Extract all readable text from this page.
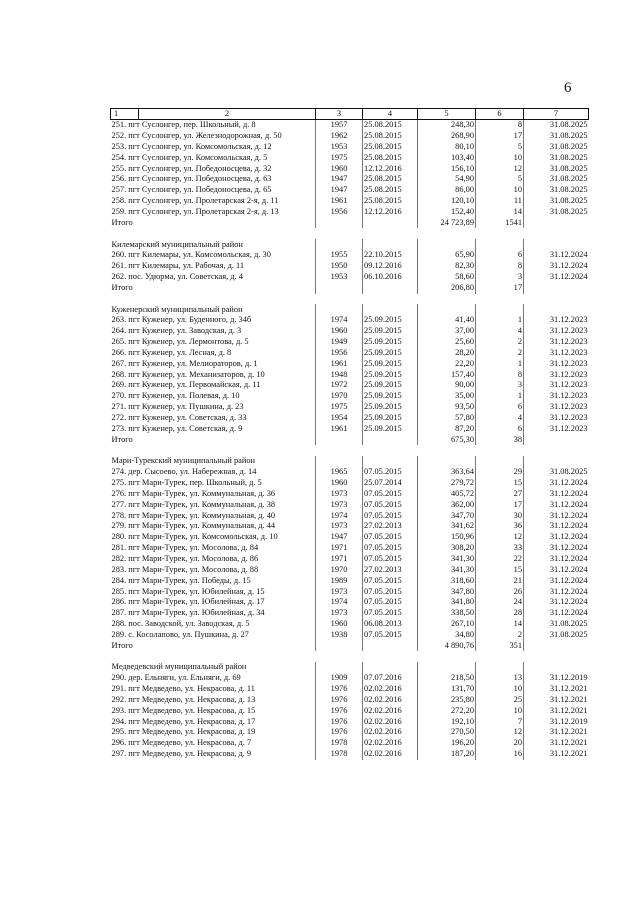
6
1	2	3	4	5	6	7
251. пгт Суслонгер, пер. Школьный, д. 8		1957	25.08.2015	248,30	8	31.08.2025
252. пгт Суслонгер, ул. Железнодорожная, д. 50		1962	25.08.2015	268,90	17	31.08.2025
253. пгт Суслонгер, ул. Комсомольская, д. 12		1953	25.08.2015	80,10	5	31.08.2025
254. пгт Суслонгер, ул. Комсомольская, д. 5		1975	25.08.2015	103,40	10	31.08.2025
255. пгт Суслонгер, ул. Победоносцева, д. 32		1960	12.12.2016	156,10	12	31.08.2025
256. пгт Суслонгер, ул. Победоносцева, д. 63		1947	25.08.2015	54,90	5	31.08.2025
257. пгт Суслонгер, ул. Победоносцева, д. 65		1947	25.08.2015	86,00	10	31.08.2025
258. пгт Суслонгер, ул. Пролетарская 2-я, д. 11		1961	25.08.2015	120,10	11	31.08.2025
259. пгт Суслонгер, ул. Пролетарская 2-я, д. 13		1956	12.12.2016	152,40	14	31.08.2025
Итого				24 723,89	1541	

Килемарский муниципальный район						
260. пгт Килемары, ул. Комсомольская, д. 30		1955	22.10.2015	65,90	6	31.12.2024
261. пгт Килемары, ул. Рабочая, д. 11		1950	09.12.2016	82,30	8	31.12.2024
262. пос. Удюрма, ул. Советская, д. 4		1953	06.10.2016	58,60	3	31.12.2024
Итого				206,80	17	

Куженерский муниципальный район						
263. пгт Куженер, ул. Буденного, д. 34б		1974	25.09.2015	41,40	1	31.12.2023
264. пгт Куженер, ул. Заводская, д. 3		1960	25.09.2015	37,00	4	31.12.2023
265. пгт Куженер, ул. Лермонтова, д. 5		1949	25.09.2015	25,60	2	31.12.2023
266. пгт Куженер, ул. Лесная, д. 8		1956	25.09.2015	28,20	2	31.12.2023
267. пгт Куженер, ул. Мелиораторов, д. 1		1961	25.09.2015	22,20	1	31.12.2023
268. пгт Куженер, ул. Механизаторов, д. 10		1948	25.09.2015	157,40	8	31.12.2023
269. пгт Куженер, ул. Первомайская, д. 11		1972	25.09.2015	90,00	3	31.12.2023
270. пгт Куженер, ул. Полевая, д. 10		1970	25.09.2015	35,00	1	31.12.2023
271. пгт Куженер, ул. Пушкина, д. 23		1975	25.09.2015	93,50	6	31.12.2023
272. пгт Куженер, ул. Советская, д. 33		1954	25.09.2015	57,80	4	31.12.2023
273. пгт Куженер, ул. Советская, д. 9		1961	25.09.2015	87,20	6	31.12.2023
Итого				675,30	38	

Мари-Турекский муниципальный район						
274. дер. Сысоево, ул. Набережная, д. 14		1965	07.05.2015	363,64	29	31.08.2025
275. пгт Мари-Турек, пер. Школьный, д. 5		1960	25.07.2014	279,72	15	31.12.2024
276. пгт Мари-Турек, ул. Коммунальная, д. 36		1973	07.05.2015	405,72	27	31.12.2024
277. пгт Мари-Турек, ул. Коммунальная, д. 38		1973	07.05.2015	362,00	17	31.12.2024
278. пгт Мари-Турек, ул. Коммунальная, д. 40		1974	07.05.2015	347,70	30	31.12.2024
279. пгт Мари-Турек, ул. Коммунальная, д. 44		1973	27.02.2013	341,62	36	31.12.2024
280. пгт Мари-Турек, ул. Комсомольская, д. 10		1947	07.05.2015	150,96	12	31.12.2024
281. пгт Мари-Турек, ул. Мосолова, д. 84		1971	07.05.2015	308,20	33	31.12.2024
282. пгт Мари-Турек, ул. Мосолова, д. 86		1971	07.05.2015	341,30	22	31.12.2024
283. пгт Мари-Турек, ул. Мосолова, д. 88		1970	27.02.2013	341,30	15	31.12.2024
284. пгт Мари-Турек, ул. Победы, д. 15		1989	07.05.2015	318,60	21	31.12.2024
285. пгт Мари-Турек, ул. Юбилейная, д. 15		1973	07.05.2015	347,80	26	31.12.2024
286. пгт Мари-Турек, ул. Юбилейная, д. 17		1974	07.05.2015	341,80	24	31.12.2024
287. пгт Мари-Турек, ул. Юбилейная, д. 34		1973	07.05.2015	338,50	28	31.12.2024
288. пос. Заводской, ул. Заводская, д. 5		1960	06.08.2013	267,10	14	31.08.2025
289. с. Косолапово, ул. Пушкина, д. 27		1938	07.05.2015	34,80	2	31.08.2025
Итого				4 890,76	351	

Медведевский муниципальный район						
290. дер. Ельняги, ул. Ельняги, д. 69		1909	07.07.2016	218,50	13	31.12.2019
291. пгт Медведево, ул. Некрасова, д. 11		1976	02.02.2016	131,70	10	31.12.2021
292. пгт Медведево, ул. Некрасова, д. 13		1976	02.02.2016	235,80	25	31.12.2021
293. пгт Медведево, ул. Некрасова, д. 15		1976	02.02.2016	272,20	10	31.12.2021
294. пгт Медведево, ул. Некрасова, д. 17		1976	02.02.2016	192,10	7	31.12.2019
295. пгт Медведево, ул. Некрасова, д. 19		1976	02.02.2016	270,50	12	31.12.2021
296. пгт Медведево, ул. Некрасова, д. 7		1978	02.02.2016	196,20	20	31.12.2021
297. пгт Медведево, ул. Некрасова, д. 9		1978	02.02.2016	187,20	16	31.12.2021
